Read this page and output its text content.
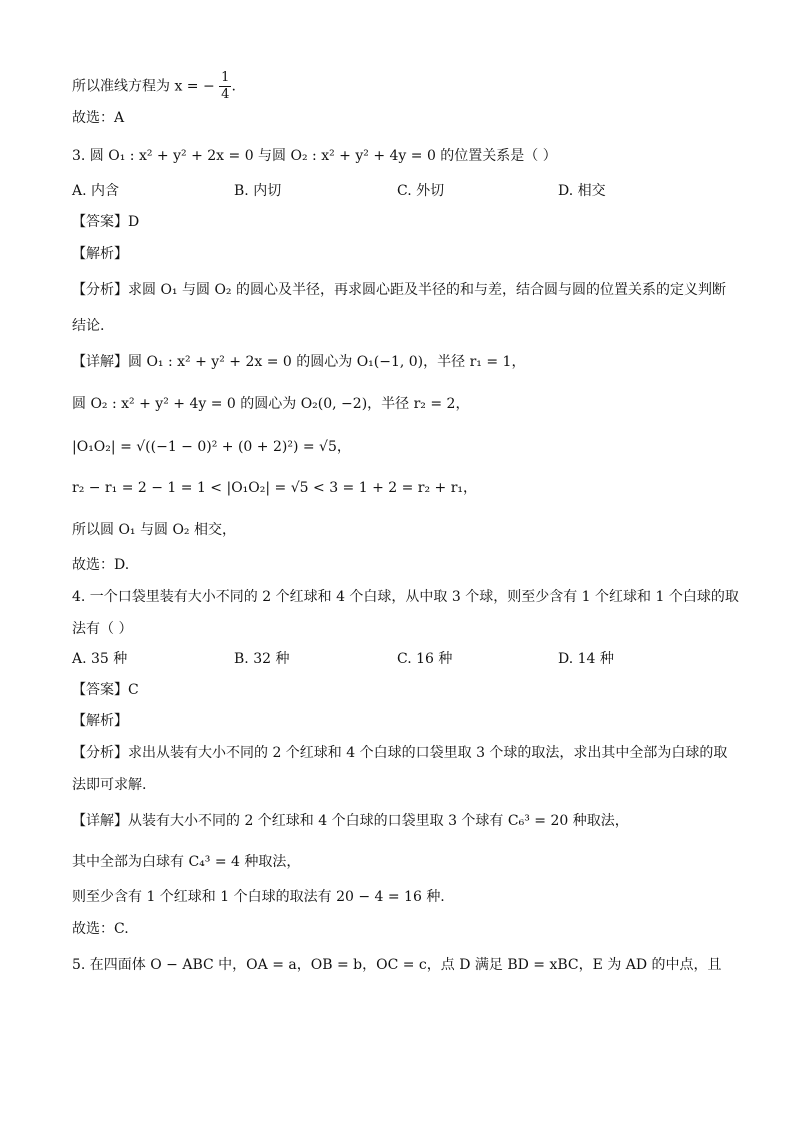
所以准线方程为 x = − $\frac{1}{4}$ .
故选：A
3. 圆 O₁ : x² + y² + 2x = 0 与圆 O₂ : x² + y² + 4y = 0 的位置关系是（ ）
A. 内含	B. 内切	C. 外切	D. 相交
【答案】D
【解析】
【分析】求圆 O₁ 与圆 O₂ 的圆心及半径，再求圆心距及半径的和与差，结合圆与圆的位置关系的定义判断
结论.
【详解】圆 O₁ : x² + y² + 2x = 0 的圆心为 O₁(−1, 0)，半径 r₁ = 1，
圆 O₂ : x² + y² + 4y = 0 的圆心为 O₂(0, −2)，半径 r₂ = 2，
|O₁O₂| = √((−1 − 0)² + (0 + 2)²) = √5，
r₂ − r₁ = 2 − 1 = 1 < |O₁O₂| = √5 < 3 = 1 + 2 = r₂ + r₁，
所以圆 O₁ 与圆 O₂ 相交，
故选：D.
4. 一个口袋里装有大小不同的 2 个红球和 4 个白球，从中取 3 个球，则至少含有 1 个红球和 1 个白球的取
法有（ ）
A. 35 种	B. 32 种	C. 16 种	D. 14 种
【答案】C
【解析】
【分析】求出从装有大小不同的 2 个红球和 4 个白球的口袋里取 3 个球的取法，求出其中全部为白球的取
法即可求解.
【详解】从装有大小不同的 2 个红球和 4 个白球的口袋里取 3 个球有 C₆³ = 20 种取法，
其中全部为白球有 C₄³ = 4 种取法，
则至少含有 1 个红球和 1 个白球的取法有 20 − 4 = 16 种.
故选：C.
5. 在四面体 O − ABC 中，OA = a，OB = b，OC = c，点 D 满足 BD = xBC，E 为 AD 的中点，且
